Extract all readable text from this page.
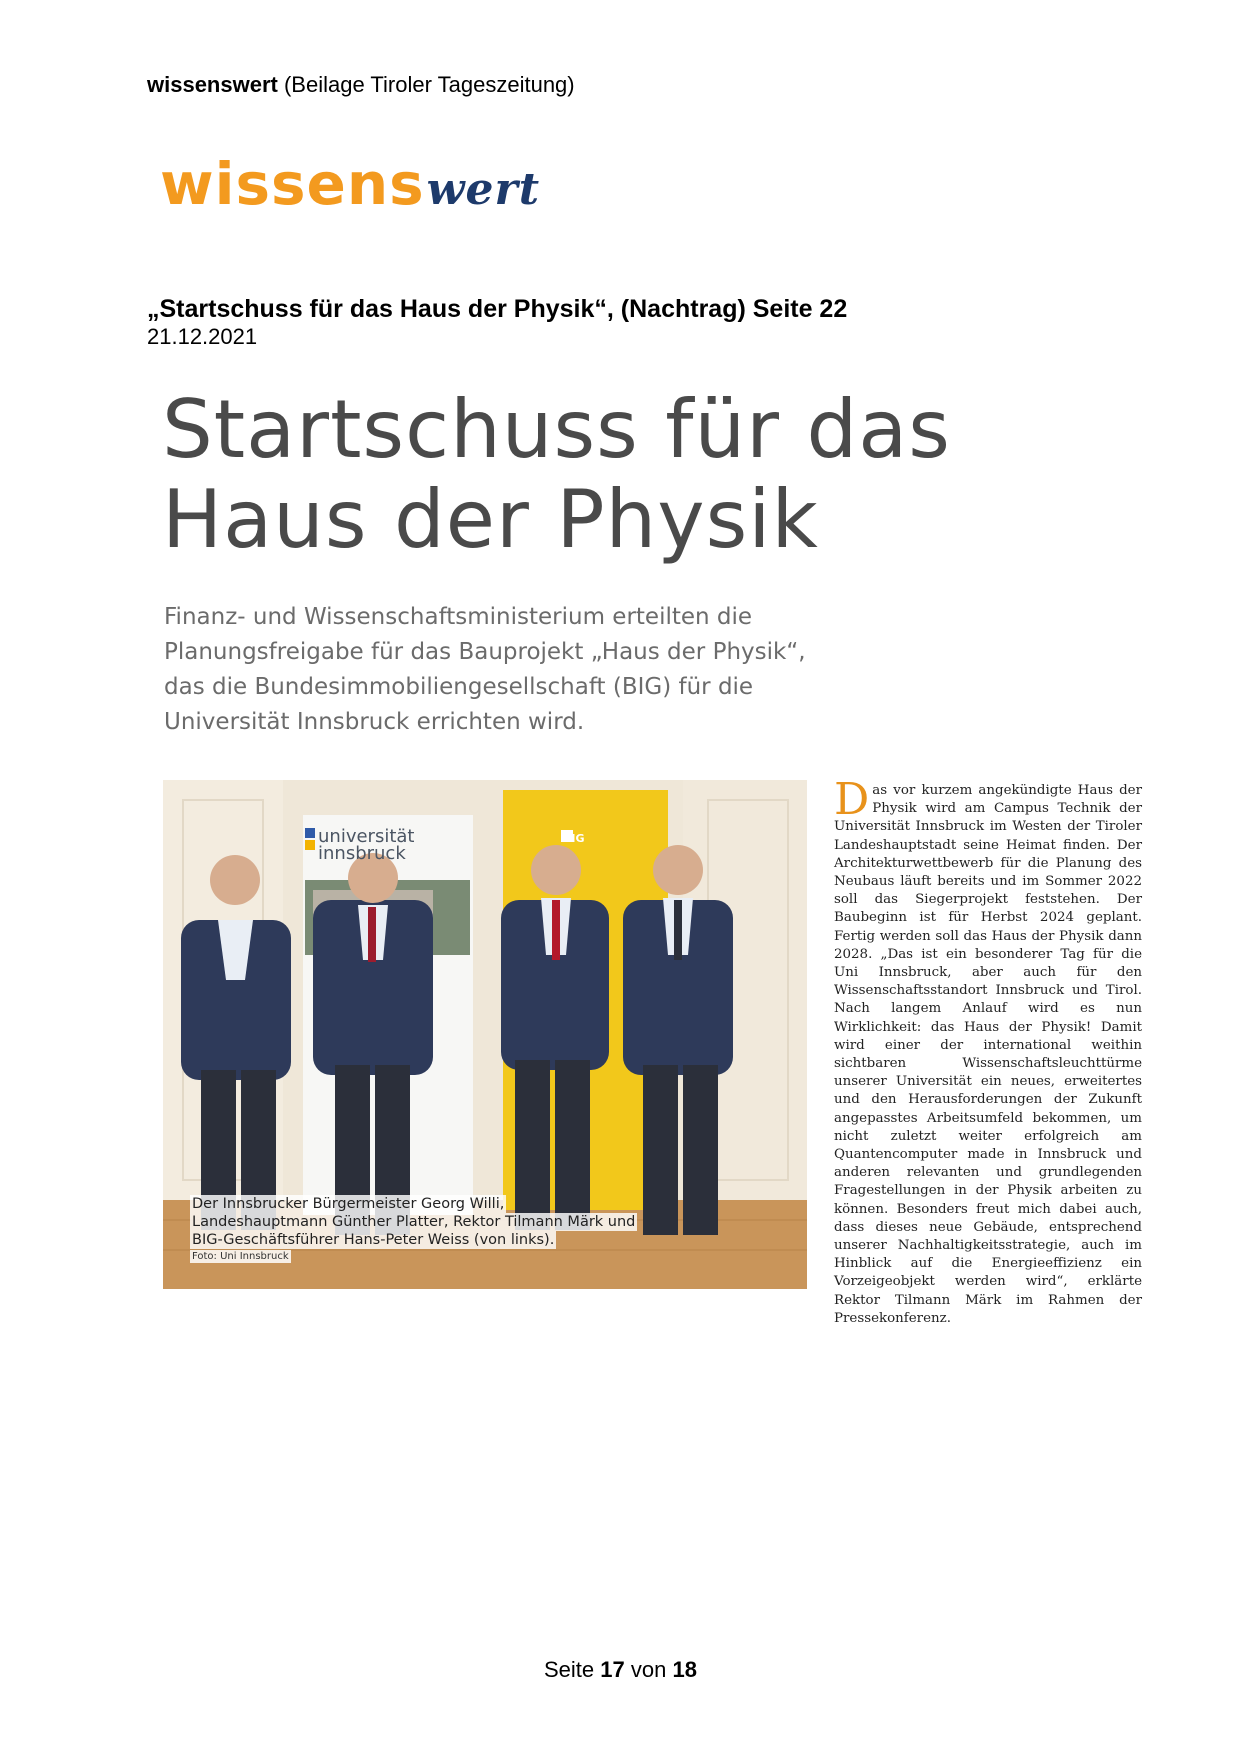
wissenswert (Beilage Tiroler Tageszeitung)
wissenswert
„Startschuss für das Haus der Physik“, (Nachtrag) Seite 22
21.12.2021
Startschuss für das
Haus der Physik
Finanz- und Wissenschaftsministerium erteilten die
Planungsfreigabe für das Bauprojekt „Haus der Physik“,
das die Bundesimmobiliengesellschaft (BIG) für die
Universität Innsbruck errichten wird.
universität
innsbruck
BIG
Der Innsbrucker Bürgermeister Georg Willi,
Landeshauptmann Günther Platter, Rektor Tilmann Märk und
BIG-Geschäftsführer Hans-Peter Weiss (von links).
Foto: Uni Innsbruck
Das vor kurzem angekündigte Haus der Physik wird am Campus Technik der Universität Innsbruck im Westen der Tiroler Landeshauptstadt seine Heimat finden. Der Architekturwettbewerb für die Planung des Neubaus läuft bereits und im Sommer 2022 soll das Siegerprojekt feststehen. Der Baubeginn ist für Herbst 2024 geplant. Fertig werden soll das Haus der Physik dann 2028. „Das ist ein besonderer Tag für die Uni Innsbruck, aber auch für den Wissenschaftsstandort Innsbruck und Tirol. Nach langem Anlauf wird es nun Wirklichkeit: das Haus der Physik! Damit wird einer der international weithin sichtbaren Wissenschaftsleuchttürme unserer Universität ein neues, erweitertes und den Herausforderungen der Zukunft angepasstes Arbeitsumfeld bekommen, um nicht zuletzt weiter erfolgreich am Quantencomputer made in Innsbruck und anderen relevanten und grundlegenden Fragestellungen in der Physik arbeiten zu können. Besonders freut mich dabei auch, dass dieses neue Gebäude, entsprechend unserer Nachhaltigkeitsstrategie, auch im Hinblick auf die Energieeffizienz ein Vorzeigeobjekt werden wird“, erklärte Rektor Tilmann Märk im Rahmen der Pressekonferenz.
Seite 17 von 18
